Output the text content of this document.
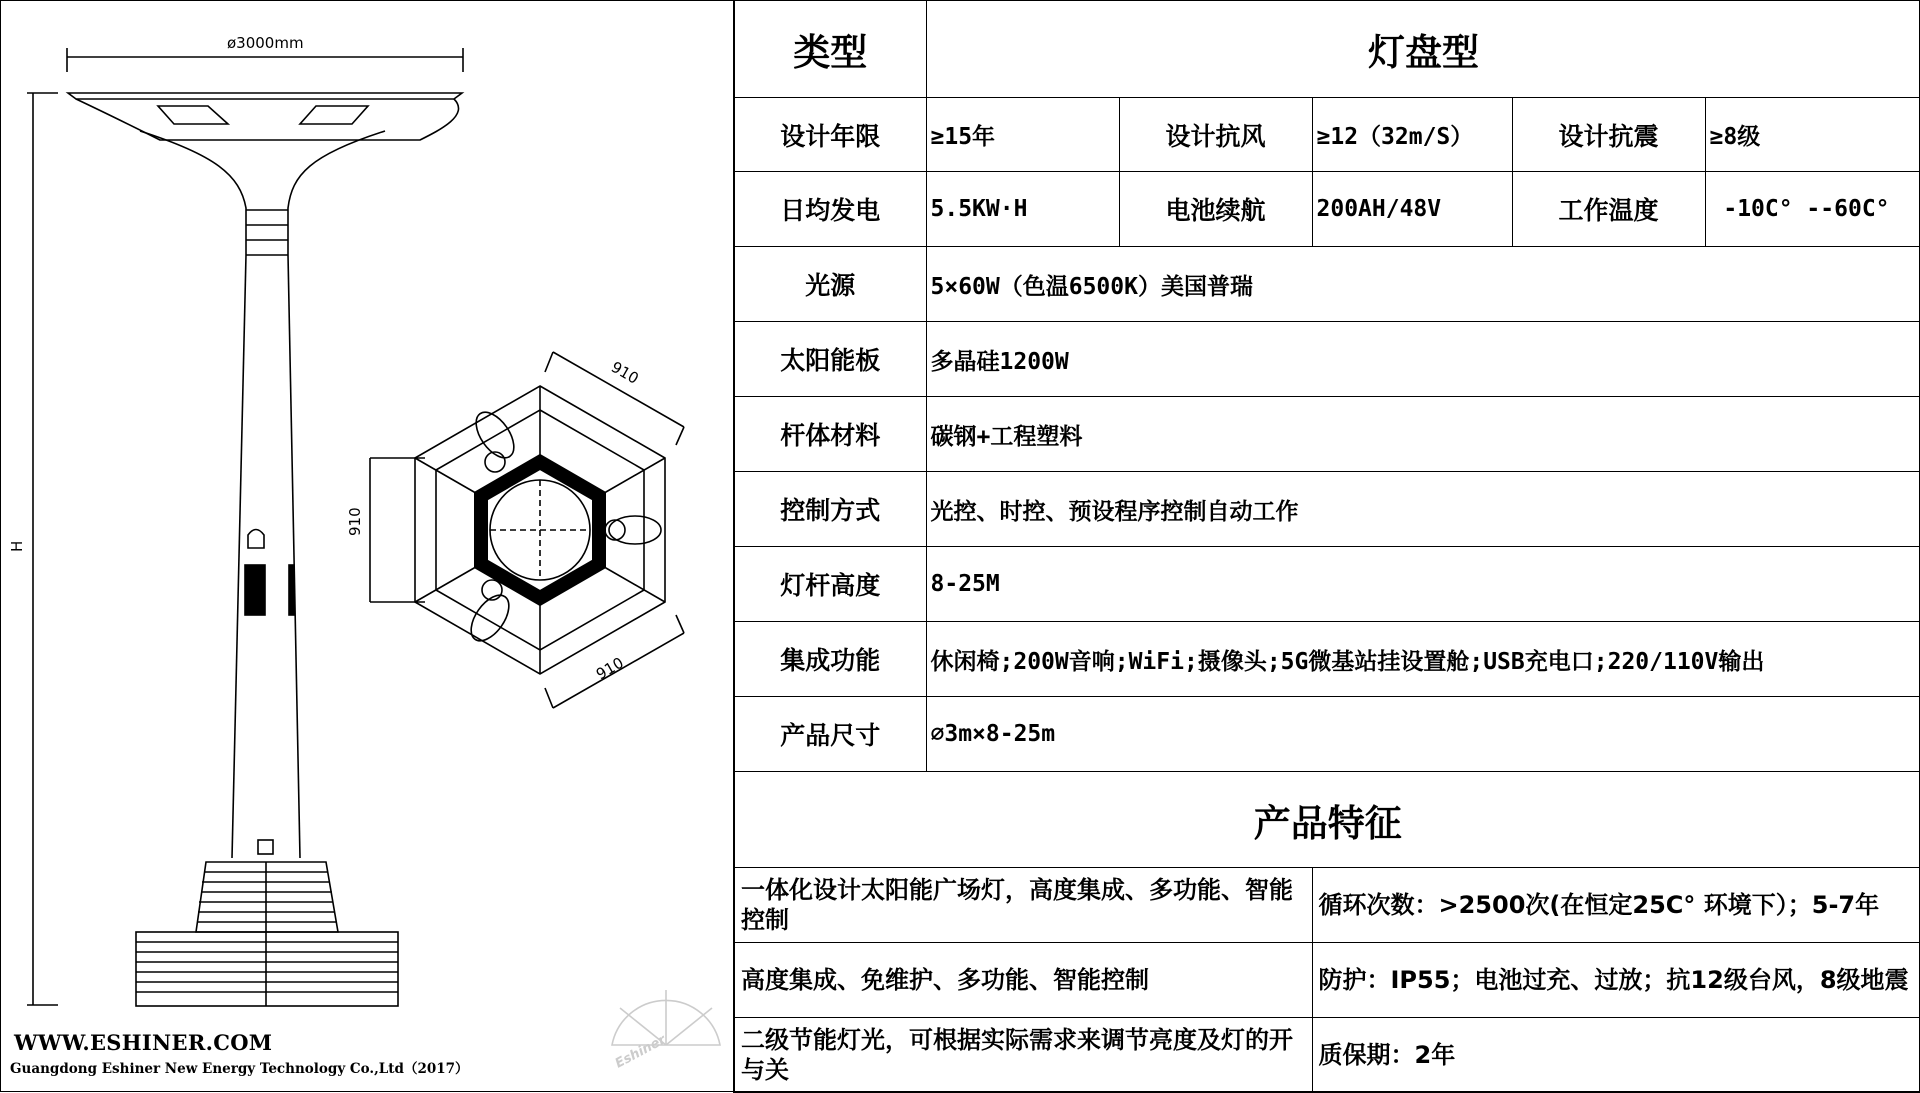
ø3000mm
H
910
910
910
Eshiner
WWW.ESHINER.COM
Guangdong Eshiner New Energy Technology Co.,Ltd（2017）
类型	灯盘型				
设计年限	≥15年	设计抗风	≥12（32m/S）	设计抗震	≥8级
日均发电	5.5KW·H	电池续航	200AH/48V	工作温度	-10C° --60C°
光源	5×60W（色温6500K）美国普瑞				
太阳能板	多晶硅1200W				
杆体材料	碳钢+工程塑料				
控制方式	光控、时控、预设程序控制自动工作				
灯杆高度	8-25M				
集成功能	休闲椅;200W音响;WiFi;摄像头;5G微基站挂设置舱;USB充电口;220/110V输出				
产品尺寸	⌀3m×8-25m				
产品特征					
一体化设计太阳能广场灯，高度集成、多功能、智能控制			循环次数：>2500次(在恒定25C° 环境下）；5-7年		
高度集成、免维护、多功能、智能控制			防护：IP55；电池过充、过放；抗12级台风，8级地震		
二级节能灯光，可根据实际需求来调节亮度及灯的开与关			质保期：2年		
